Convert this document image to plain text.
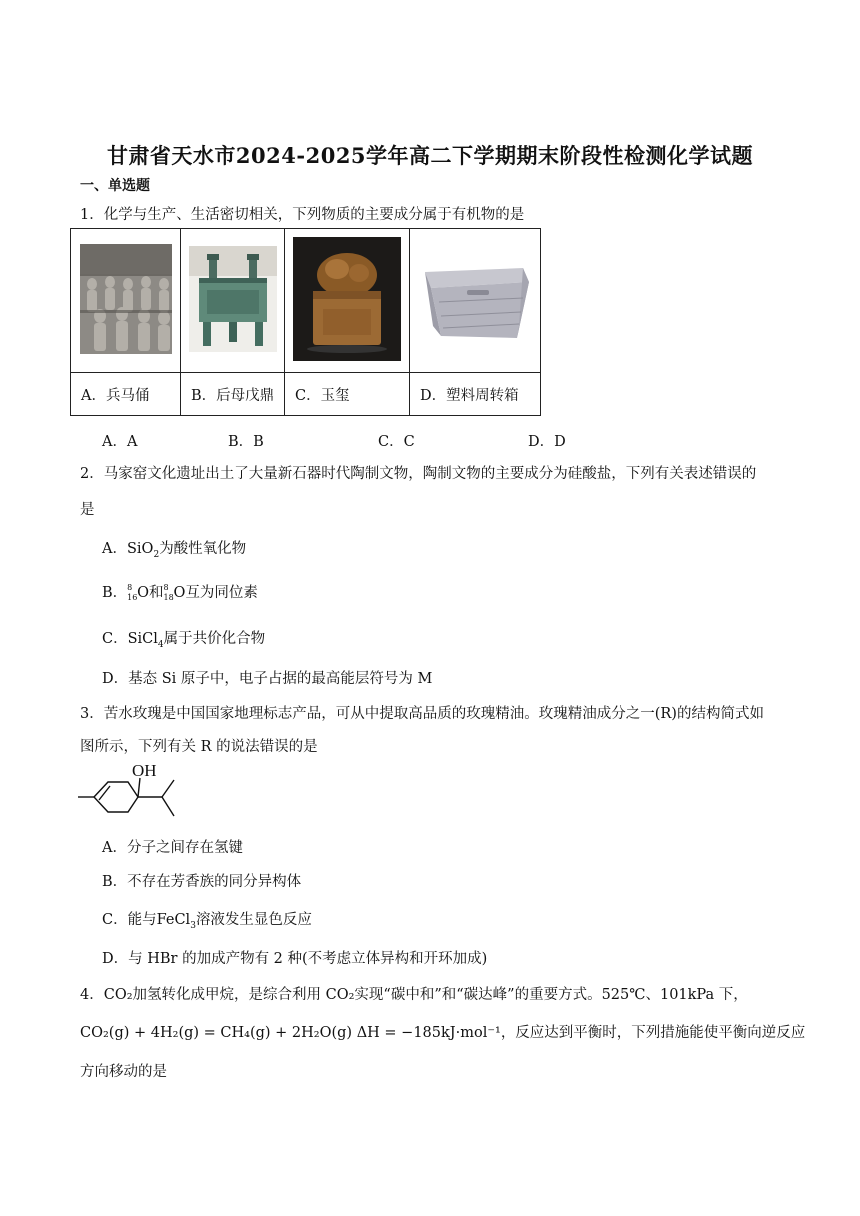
甘肃省天水市2024-2025学年高二下学期期末阶段性检测化学试题
一、单选题
1．化学与生产、生活密切相关，下列物质的主要成分属于有机物的是

A．兵马俑	B．后母戊鼎	C．玉玺	D．塑料周转箱
A．A	B．B	C．C	D．D
2．马家窑文化遗址出土了大量新石器时代陶制文物，陶制文物的主要成分为硅酸盐，下列有关表述错误的
是
A．SiO$_2$为酸性氧化物
B． 8
16 O和 8
18 O互为同位素
C．SiCl$_4$属于共价化合物
D．基态 Si 原子中，电子占据的最高能层符号为 M
3．苦水玫瑰是中国国家地理标志产品，可从中提取高品质的玫瑰精油。玫瑰精油成分之一(R)的结构简式如
图所示，下列有关 R 的说法错误的是
OH
A．分子之间存在氢键
B．不存在芳香族的同分异构体
C．能与FeCl$_3$溶液发生显色反应
D．与 HBr 的加成产物有 2 种(不考虑立体异构和开环加成)
4．CO₂加氢转化成甲烷，是综合利用 CO₂实现“碳中和”和“碳达峰”的重要方式。525℃、101kPa 下，
CO₂(g) + 4H₂(g) = CH₄(g) + 2H₂O(g) ΔH = −185kJ·mol⁻¹，反应达到平衡时，下列措施能使平衡向逆反应
方向移动的是
